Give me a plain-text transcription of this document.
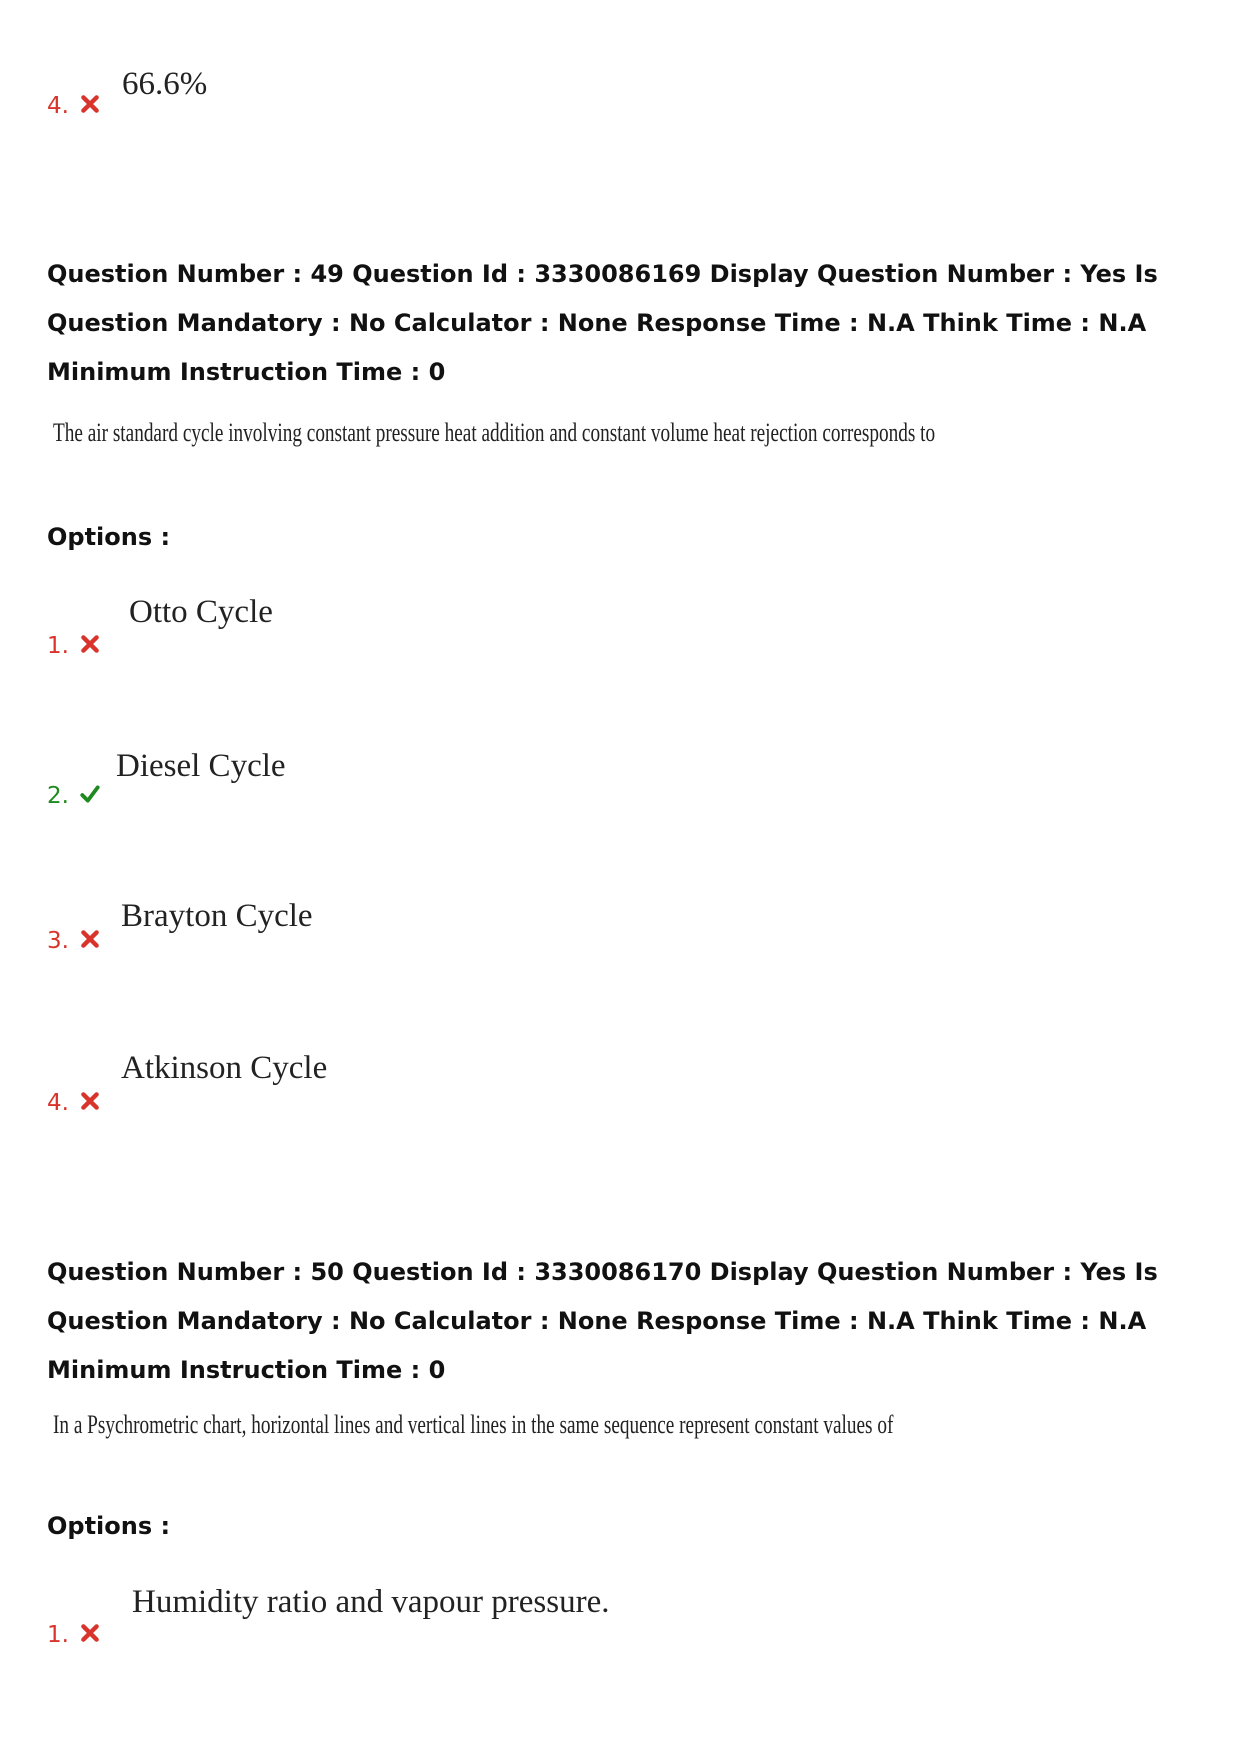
4.
66.6%
Question Number : 49 Question Id : 3330086169 Display Question Number : Yes Is Question Mandatory : No Calculator : None Response Time : N.A Think Time : N.A Minimum Instruction Time : 0
The air standard cycle involving constant pressure heat addition and constant volume heat rejection corresponds to
Options :
1.
Otto Cycle
2.
Diesel Cycle
3.
Brayton Cycle
4.
Atkinson Cycle
Question Number : 50 Question Id : 3330086170 Display Question Number : Yes Is Question Mandatory : No Calculator : None Response Time : N.A Think Time : N.A Minimum Instruction Time : 0
In a Psychrometric chart, horizontal lines and vertical lines in the same sequence represent constant values of
Options :
1.
Humidity ratio and vapour pressure.
